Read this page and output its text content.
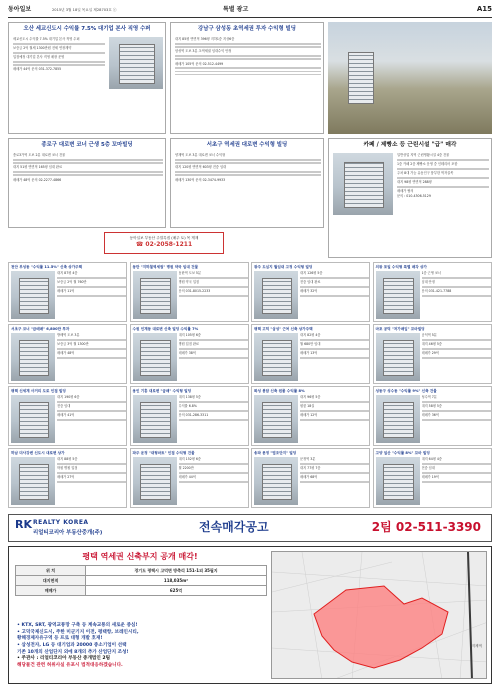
동아일보	2015년 3월 18일 목요일 제28703호 ⓒ	특별 광고	A15
오산 세교신도시 수익률 7.5% 대기업 본사 직영 수퍼
세교신도시 수익률 7.5% 대기업 본사 직영 수퍼
보증금 2억 월세 1300만원 전세 연장계약
입점예정 대기업 본사 직영 매장 운영
매매가 44억 문의 031-372-7855
강남구 삼성동 초역세권 투자 수익형 빌딩
대지 85평 연면적 396평 지하1층 지상6층
삼성역 도보 3분 초역세권 임대수익 안정
매매가 105억 문의 02-512-4499
종로구 대로변 코너 근생 5층 꼬마빌딩
종로3가역 도보 2분 대로변 코너 건물
대지 51평 연면적 165평 임대 완료
매매가 48억 문의 02-2277-4866
서초구 역세권 대로변 수익형 빌딩
양재역 도보 3분 대로변 코너 수익형
대지 120평 연면적 603평 전층 임대
매매가 130억 문의 02-3474-9933
카페 / 제빵소 등 근린시설 "급" 매각
일반상업 지역 근린생활시설 4층 건물
1층 카페 2층 제빵소 운영 중 인테리어 포함
주차 8대 가능 유동인구 풍부한 먹자골목
대지 98평 연면적 288평
매매가 협의
문의 : 010-4306-5129
동아일보 부동산 주말특집 (매주 토) 목 게재
☎ 02-2058-1211
천안 부성동 "수익률 11.5%" 신축 상가주택
대지 87평 4층
보증금 2억 월 760만
매매가 11억
동탄 "지하철역세권" 병원 약국 임대 건물
동탄역 도보 5분
병원 약국 입점
문의 031-8015-2233
광주 도심지 월임대 고정 수익형 빌딩
대지 126평 5층
전층 임대 완료
매매가 32억
의왕 포일 수익형 특별 매각 상가
1층 근생 코너
임대 안정
문의 031-421-7788
서초구 코너 "급매매" 6,800만 투자
방배역 도보 3분
보증금 3억 월 1300만
매매가 48억
수원 인계동 대로변 신축 빌딩 수익률 7%
대지 105평 6층
병원 입점 완료
매매가 38억
평택 고덕 "삼성" 근처 신축 상가주택
대지 82평 4층
월 680만 임대
매매가 13억
마포 공덕 "저가매입" 꼬마빌딩
공덕역 5분
대지 46평 5층
매매가 29억
평택 신세계 사거리 도로 인접 빌딩
대지 190평 6층
전층 임대
매매가 41억
용인 기흥 대로변 "급매" 수익형 빌딩
대지 138평 5층
수익률 6.8%
문의 031-286-3311
화성 봉담 신축 원룸 수익률 8%
대지 96평 5층
원룸 18실
매매가 12억
성동구 성수동 "수익률 9%" 신축 건물
성수역 7분
대지 58평 5층
매매가 36억
하남 미사강변 신도시 대로변 상가
대지 88평 5층
학원 병원 입점
매매가 27억
파주 운정 "대형마트" 인접 수익형 건물
대지 152평 6층
월 2200만
매매가 44억
송파 문정 "법조단지" 빌딩
문정역 3분
대지 77평 7층
매매가 68억
고양 일산 "수익률 8%" 꼬마 빌딩
대지 64평 4층
전층 임대
매매가 19억
RK REALTY KOREA
리얼티코리아 부동산중개(주)	전속매각공고	2팀 02-511-3390
평택 역세권 신축부지 공개 매각!
위 치	경기도 평택시 고덕면 방축리 151-1외 35필지
대지면적	118,035m²
매매가	625억
• KTX, SRT, 광역교통망 구축 등 계속교통의 새로운 중심!
• 고덕국제신도시, 주한 미군기지 이전, 평택항, 브레인시티,
황해경제자유구역 등 프로 대형 개발 호재!
• 삼성전자, LG 등 대기업과 20000 중소기업이 선택
기존 10개의 산업단지 외에 8개의 추가 산업단지 조성!
• 주관사 : 리얼티코리아 부동산 중개법인 2팀
해당물건 관련 허위사실 유포시 법적대응하겠습니다.
지제역
